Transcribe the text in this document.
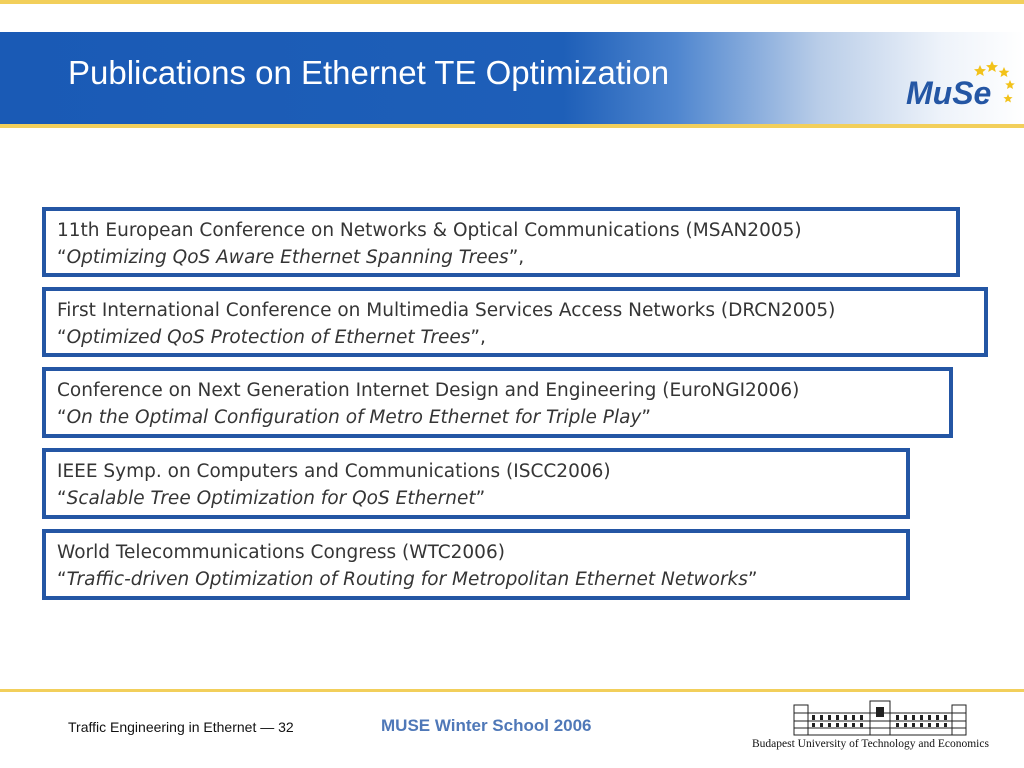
Publications on Ethernet TE Optimization
MuSe
11th European Conference on Networks & Optical Communications (MSAN2005)
“Optimizing QoS Aware Ethernet Spanning Trees”,
First International Conference on Multimedia Services Access Networks (DRCN2005)
“Optimized QoS Protection of Ethernet Trees”,
Conference on Next Generation Internet Design and Engineering (EuroNGI2006)
“On the Optimal Configuration of Metro Ethernet for Triple Play”
IEEE Symp. on Computers and Communications (ISCC2006)
“Scalable Tree Optimization for QoS Ethernet”
World Telecommunications Congress (WTC2006)
“Traffic-driven Optimization of Routing for Metropolitan Ethernet Networks”
Traffic Engineering in Ethernet — 32	MUSE Winter School 2006
Budapest University of Technology and Economics
